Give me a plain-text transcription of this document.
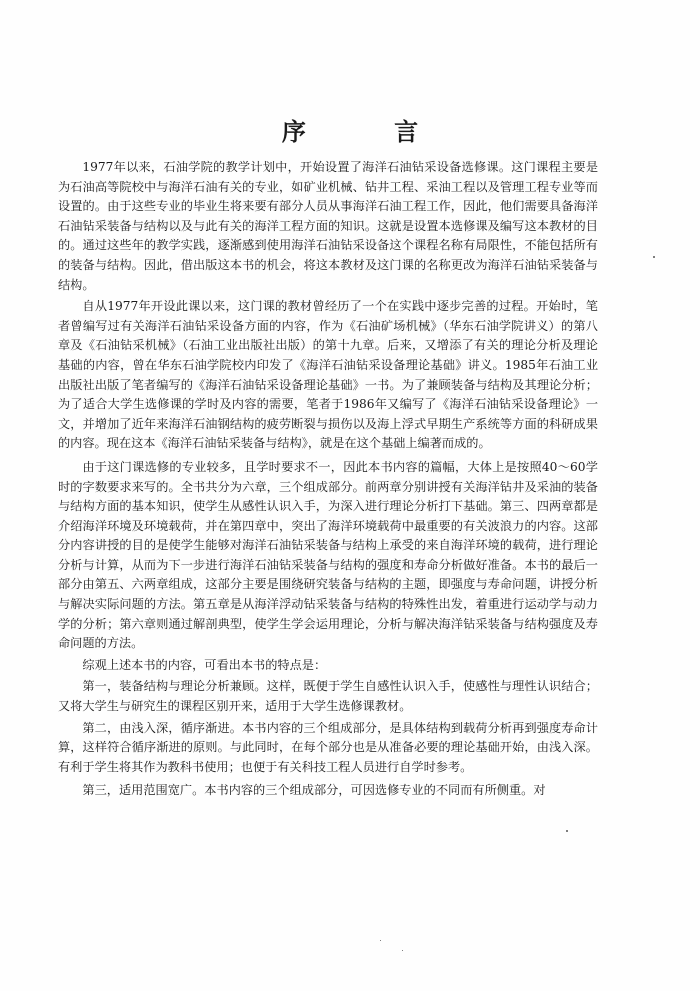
序 言

1977年以来，石油学院的教学计划中，开始设置了海洋石油钻采设备选修课。这门课程主要是为石油高等院校中与海洋石油有关的专业，如矿业机械、钻井工程、采油工程以及管理工程专业等而设置的。由于这些专业的毕业生将来要有部分人员从事海洋石油工程工作，因此，他们需要具备海洋石油钻采装备与结构以及与此有关的海洋工程方面的知识。这就是设置本选修课及编写这本教材的目的。通过这些年的教学实践，逐渐感到使用海洋石油钻采设备这个课程名称有局限性，不能包括所有的装备与结构。因此，借出版这本书的机会，将这本教材及这门课的名称更改为海洋石油钻采装备与结构。

自从1977年开设此课以来，这门课的教材曾经历了一个在实践中逐步完善的过程。开始时，笔者曾编写过有关海洋石油钻采设备方面的内容，作为《石油矿场机械》（华东石油学院讲义）的第八章及《石油钻采机械》（石油工业出版社出版）的第十九章。后来，又增添了有关的理论分析及理论基础的内容，曾在华东石油学院校内印发了《海洋石油钻采设备理论基础》讲义。1985年石油工业出版社出版了笔者编写的《海洋石油钻采设备理论基础》一书。为了兼顾装备与结构及其理论分析；为了适合大学生选修课的学时及内容的需要，笔者于1986年又编写了《海洋石油钻采设备理论》一文，并增加了近年来海洋石油钢结构的疲劳断裂与损伤以及海上浮式早期生产系统等方面的科研成果的内容。现在这本《海洋石油钻采装备与结构》，就是在这个基础上编著而成的。

由于这门课选修的专业较多，且学时要求不一，因此本书内容的篇幅，大体上是按照40～60学时的字数要求来写的。全书共分为六章，三个组成部分。前两章分别讲授有关海洋钻井及采油的装备与结构方面的基本知识，使学生从感性认识入手，为深入进行理论分析打下基础。第三、四两章都是介绍海洋环境及环境载荷，并在第四章中，突出了海洋环境载荷中最重要的有关波浪力的内容。这部分内容讲授的目的是使学生能够对海洋石油钻采装备与结构上承受的来自海洋环境的载荷，进行理论分析与计算，从而为下一步进行海洋石油钻采装备与结构的强度和寿命分析做好准备。本书的最后一部分由第五、六两章组成，这部分主要是围绕研究装备与结构的主题，即强度与寿命问题，讲授分析与解决实际问题的方法。第五章是从海洋浮动钻采装备与结构的特殊性出发，着重进行运动学与动力学的分析；第六章则通过解剖典型，使学生学会运用理论，分析与解决海洋钻采装备与结构强度及寿命问题的方法。

综观上述本书的内容，可看出本书的特点是：

第一，装备结构与理论分析兼顾。这样，既便于学生自感性认识入手，使感性与理性认识结合；又将大学生与研究生的课程区别开来，适用于大学生选修课教材。

第二，由浅入深，循序渐进。本书内容的三个组成部分，是具体结构到载荷分析再到强度寿命计算，这样符合循序渐进的原则。与此同时，在每个部分也是从准备必要的理论基础开始，由浅入深。有利于学生将其作为教科书使用；也便于有关科技工程人员进行自学时参考。

第三，适用范围宽广。本书内容的三个组成部分，可因选修专业的不同而有所侧重。对
